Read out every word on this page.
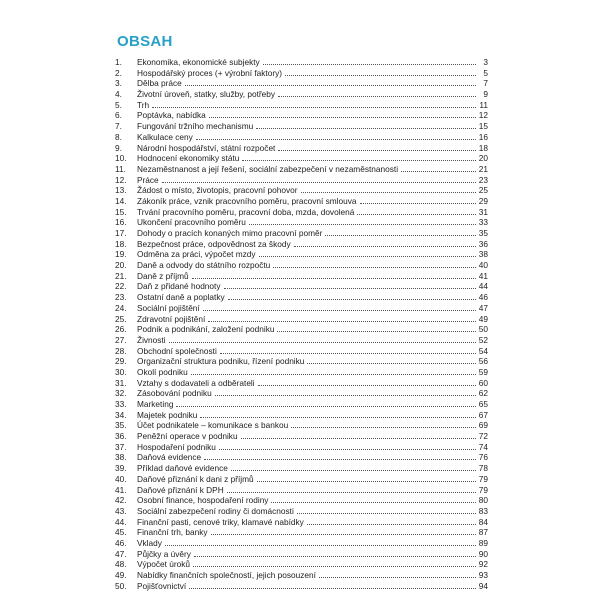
OBSAH
1.	Ekonomika, ekonomické subjekty	3
2.	Hospodářský proces (+ výrobní faktory)	5
3.	Dělba práce	7
4.	Životní úroveň, statky, služby, potřeby	9
5.	Trh	11
6.	Poptávka, nabídka	12
7.	Fungování tržního mechanismu	15
8.	Kalkulace ceny	16
9.	Národní hospodářství, státní rozpočet	18
10.	Hodnocení ekonomiky státu	20
11.	Nezaměstnanost a její řešení, sociální zabezpečení v nezaměstnanosti	21
12.	Práce	23
13.	Žádost o místo, životopis, pracovní pohovor	25
14.	Zákoník práce, vznik pracovního poměru, pracovní smlouva	29
15.	Trvání pracovního poměru, pracovní doba, mzda, dovolená	31
16.	Ukončení pracovního poměru	33
17.	Dohody o pracích konaných mimo pracovní poměr	35
18.	Bezpečnost práce, odpovědnost za škody	36
19.	Odměna za práci, výpočet mzdy	38
20.	Daně a odvody do státního rozpočtu	40
21.	Daně z příjmů	41
22.	Daň z přidané hodnoty	44
23.	Ostatní daně a poplatky	46
24.	Sociální pojištění	47
25.	Zdravotní pojištění	49
26.	Podnik a podnikání, založení podniku	50
27.	Živnosti	52
28.	Obchodní společnosti	54
29.	Organizační struktura podniku, řízení podniku	56
30.	Okolí podniku	59
31.	Vztahy s dodavateli a odběrateli	60
32.	Zásobování podniku	62
33.	Marketing	65
34.	Majetek podniku	67
35.	Účet podnikatele – komunikace s bankou	69
36.	Peněžní operace v podniku	72
37.	Hospodaření podniku	74
38.	Daňová evidence	76
39.	Příklad daňové evidence	78
40.	Daňové přiznání k dani z příjmů	79
41.	Daňové přiznání k DPH	79
42.	Osobní finance, hospodaření rodiny	80
43.	Sociální zabezpečení rodiny či domácnosti	83
44.	Finanční pasti, cenové triky, klamavé nabídky	84
45.	Finanční trh, banky	87
46.	Vklady	89
47.	Půjčky a úvěry	90
48.	Výpočet úroků	92
49.	Nabídky finančních společností, jejich posouzení	93
50.	Pojišťovnictví	94
